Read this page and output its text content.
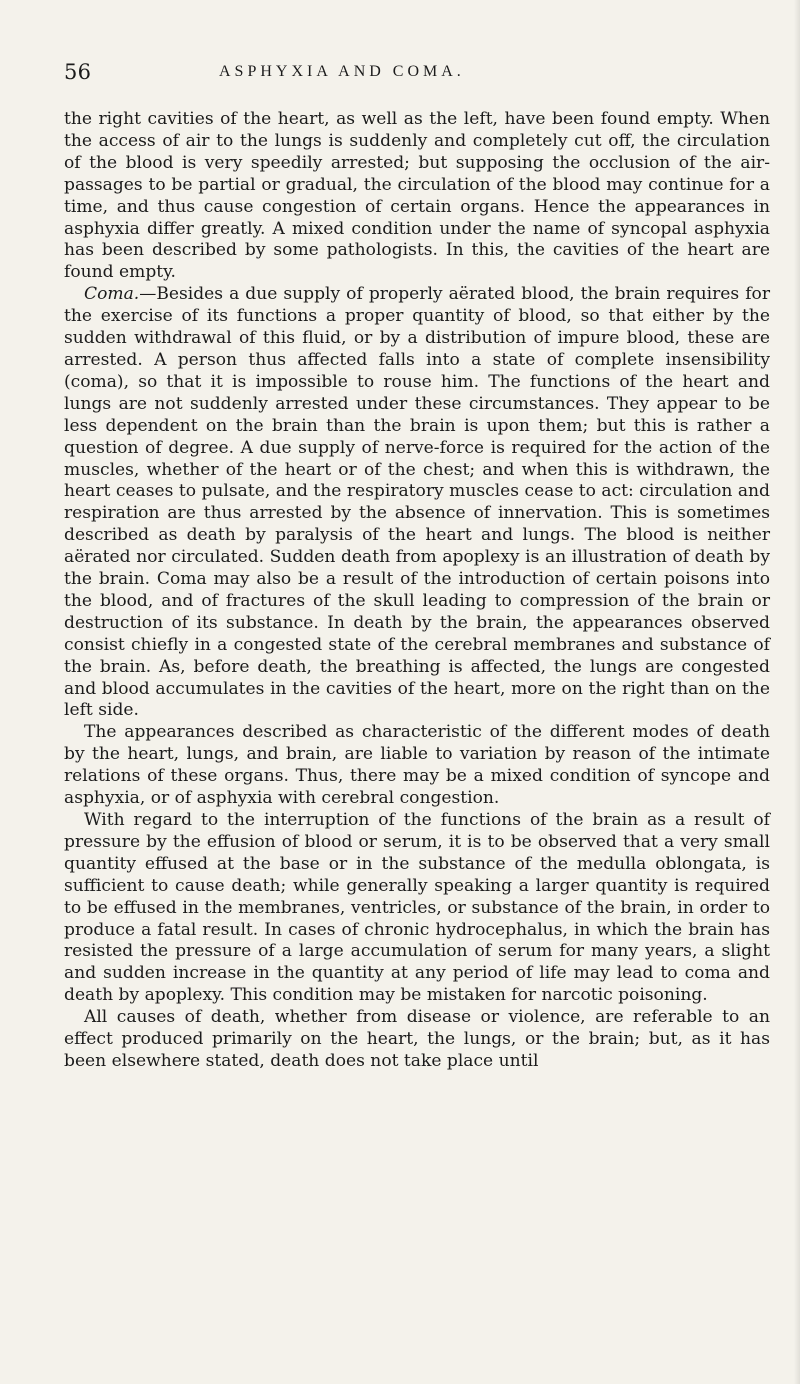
56	ASPHYXIA AND COMA.

the right cavities of the heart, as well as the left, have been found empty. When the access of air to the lungs is suddenly and completely cut off, the circulation of the blood is very speedily arrested; but supposing the occlusion of the air-passages to be partial or gradual, the circulation of the blood may continue for a time, and thus cause congestion of certain organs. Hence the appearances in asphyxia differ greatly. A mixed condition under the name of syncopal asphyxia has been described by some pathologists. In this, the cavities of the heart are found empty.

Coma.—Besides a due supply of properly aërated blood, the brain requires for the exercise of its functions a proper quantity of blood, so that either by the sudden withdrawal of this fluid, or by a distribution of impure blood, these are arrested. A person thus affected falls into a state of complete insensibility (coma), so that it is impossible to rouse him. The functions of the heart and lungs are not suddenly arrested under these circumstances. They appear to be less dependent on the brain than the brain is upon them; but this is rather a question of degree. A due supply of nerve-force is required for the action of the muscles, whether of the heart or of the chest; and when this is withdrawn, the heart ceases to pulsate, and the respiratory muscles cease to act: circulation and respiration are thus arrested by the absence of innervation. This is sometimes described as death by paralysis of the heart and lungs. The blood is neither aërated nor circulated. Sudden death from apoplexy is an illustration of death by the brain. Coma may also be a result of the introduction of certain poisons into the blood, and of fractures of the skull leading to compression of the brain or destruction of its substance. In death by the brain, the appearances observed consist chiefly in a congested state of the cerebral membranes and substance of the brain. As, before death, the breathing is affected, the lungs are congested and blood accumulates in the cavities of the heart, more on the right than on the left side.

The appearances described as characteristic of the different modes of death by the heart, lungs, and brain, are liable to variation by reason of the intimate relations of these organs. Thus, there may be a mixed condition of syncope and asphyxia, or of asphyxia with cerebral congestion.

With regard to the interruption of the functions of the brain as a result of pressure by the effusion of blood or serum, it is to be observed that a very small quantity effused at the base or in the substance of the medulla oblongata, is sufficient to cause death; while generally speaking a larger quantity is required to be effused in the membranes, ventricles, or substance of the brain, in order to produce a fatal result. In cases of chronic hydrocephalus, in which the brain has resisted the pressure of a large accumulation of serum for many years, a slight and sudden increase in the quantity at any period of life may lead to coma and death by apoplexy. This condition may be mistaken for narcotic poisoning.

All causes of death, whether from disease or violence, are referable to an effect produced primarily on the heart, the lungs, or the brain; but, as it has been elsewhere stated, death does not take place until
